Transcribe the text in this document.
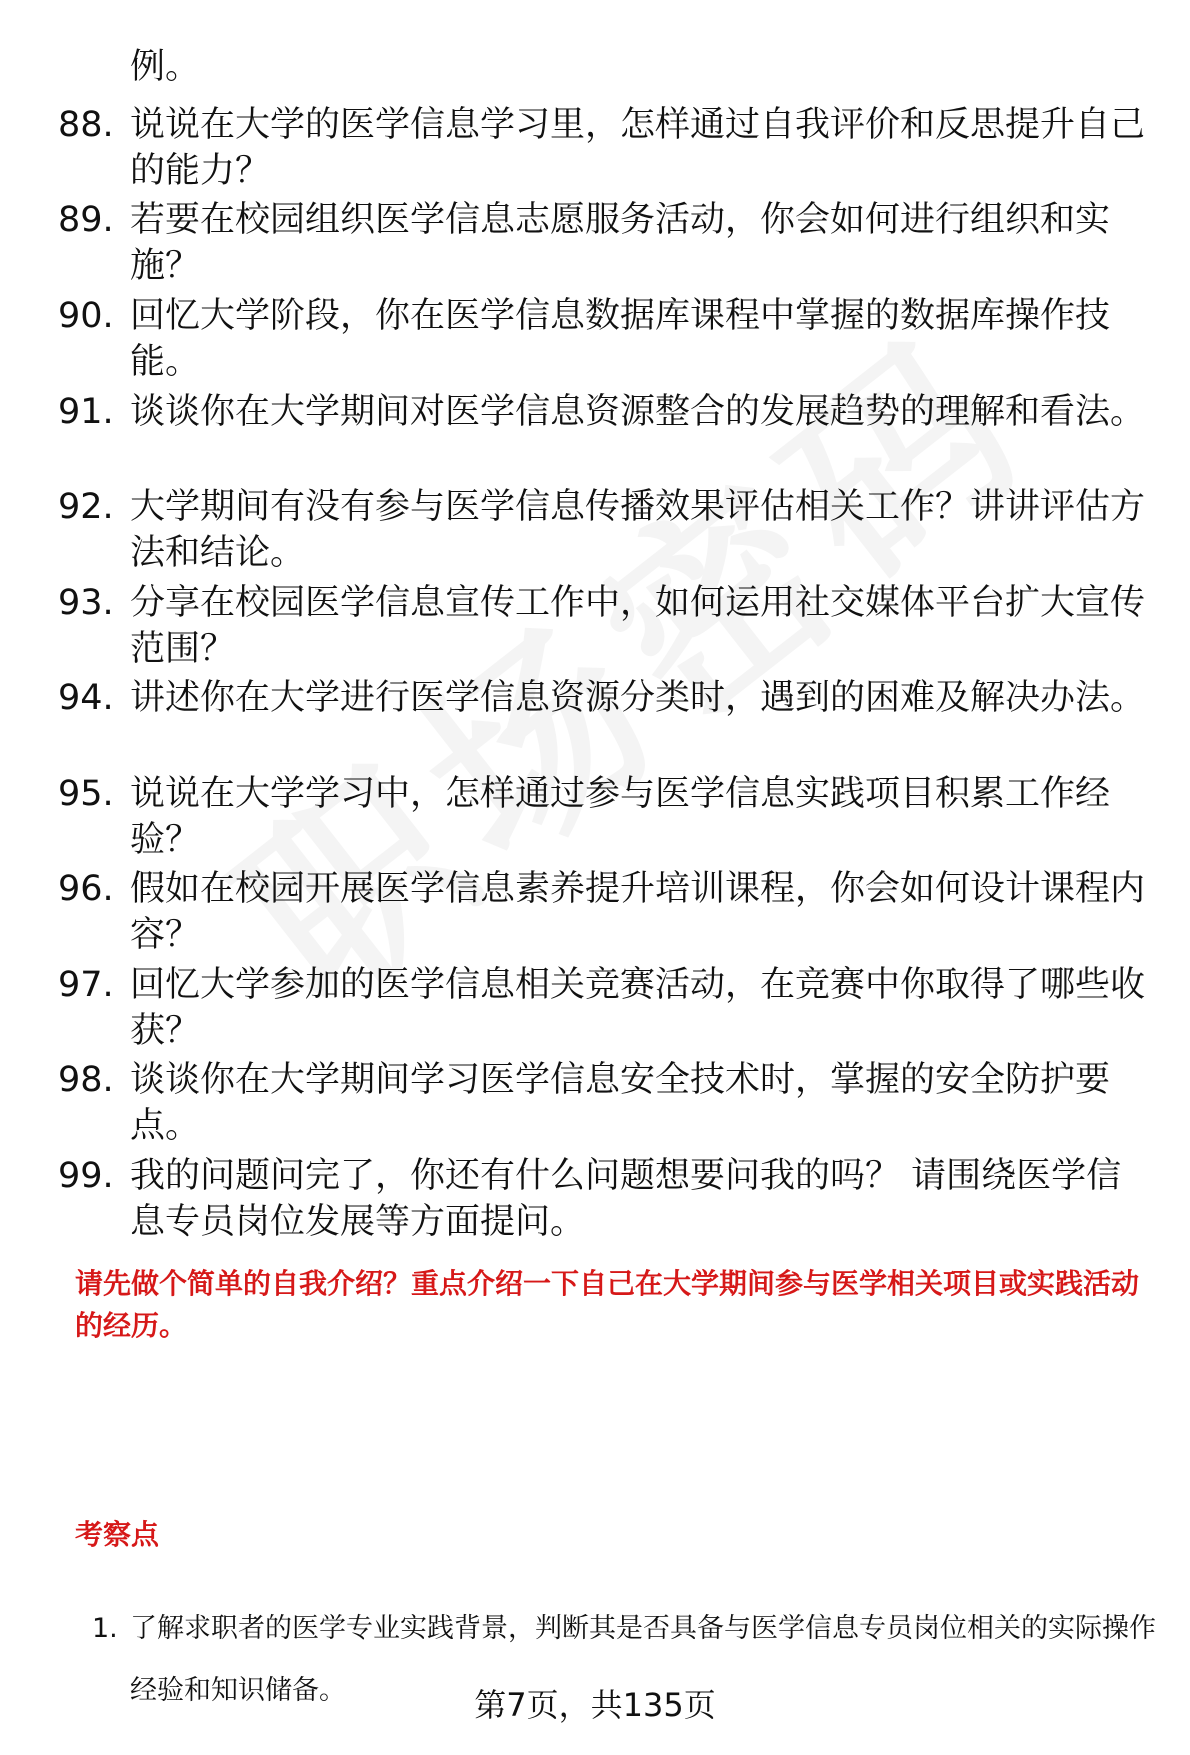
例。
88. 说说在大学的医学信息学习里，怎样通过自我评价和反思提升自己的能力？
89. 若要在校园组织医学信息志愿服务活动，你会如何进行组织和实施？
90. 回忆大学阶段，你在医学信息数据库课程中掌握的数据库操作技能。
91. 谈谈你在大学期间对医学信息资源整合的发展趋势的理解和看法。
92. 大学期间有没有参与医学信息传播效果评估相关工作？讲讲评估方法和结论。
93. 分享在校园医学信息宣传工作中，如何运用社交媒体平台扩大宣传范围？
94. 讲述你在大学进行医学信息资源分类时，遇到的困难及解决办法。
95. 说说在大学学习中，怎样通过参与医学信息实践项目积累工作经验？
96. 假如在校园开展医学信息素养提升培训课程，你会如何设计课程内容？
97. 回忆大学参加的医学信息相关竞赛活动，在竞赛中你取得了哪些收获？
98. 谈谈你在大学期间学习医学信息安全技术时，掌握的安全防护要点。
99. 我的问题问完了，你还有什么问题想要问我的吗？ 请围绕医学信息专员岗位发展等方面提问。
请先做个简单的自我介绍？重点介绍一下自己在大学期间参与医学相关项目或实践活动的经历。
考察点
1. 了解求职者的医学专业实践背景，判断其是否具备与医学信息专员岗位相关的实际操作经验和知识储备。	第7页，共135页
